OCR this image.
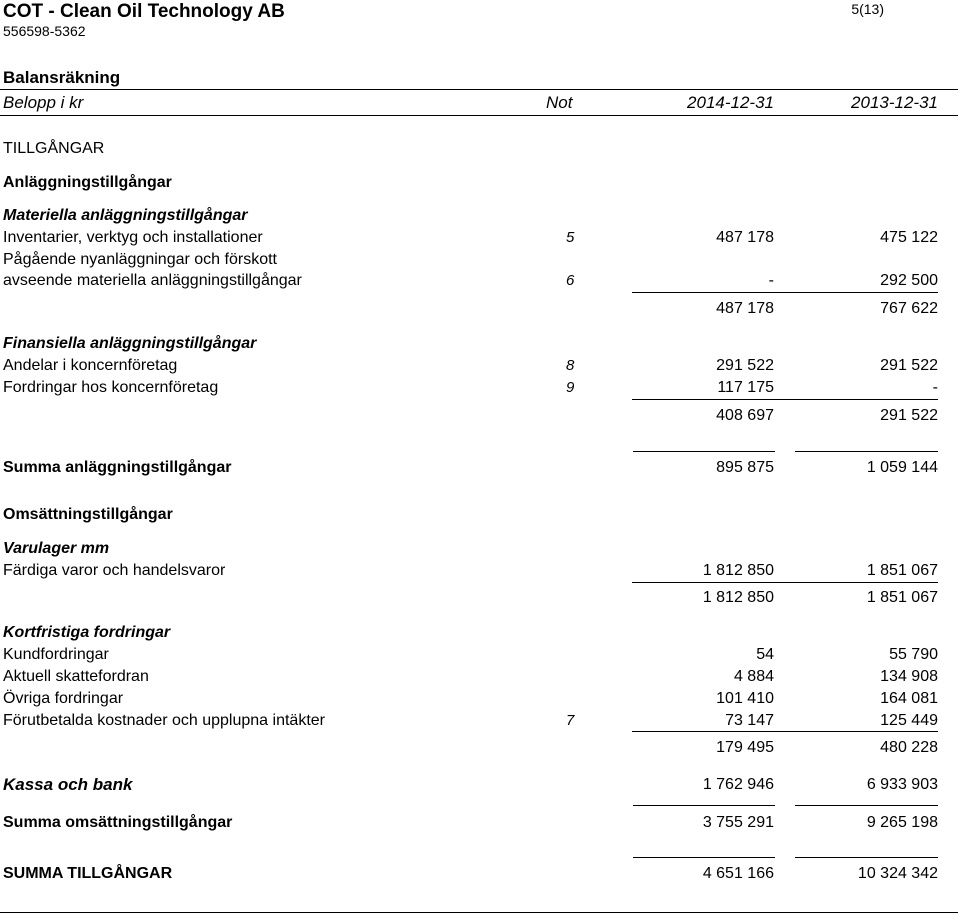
COT - Clean Oil Technology AB
556598-5362
5(13)
Balansräkning
Belopp i kr	Not	2014-12-31	2013-12-31
TILLGÅNGAR
Anläggningstillgångar
Materiella anläggningstillgångar
Inventarier, verktyg och installationer	5	487 178	475 122
Pågående nyanläggningar och förskott
avseende materiella anläggningstillgångar	6	-	292 500
487 178	767 622
Finansiella anläggningstillgångar
Andelar i koncernföretag	8	291 522	291 522
Fordringar hos koncernföretag	9	117 175	-
408 697	291 522
Summa anläggningstillgångar	895 875	1 059 144
Omsättningstillgångar
Varulager mm
Färdiga varor och handelsvaror	1 812 850	1 851 067
1 812 850	1 851 067
Kortfristiga fordringar
Kundfordringar	54	55 790
Aktuell skattefordran	4 884	134 908
Övriga fordringar	101 410	164 081
Förutbetalda kostnader och upplupna intäkter	7	73 147	125 449
179 495	480 228
Kassa och bank	1 762 946	6 933 903
Summa omsättningstillgångar	3 755 291	9 265 198
SUMMA TILLGÅNGAR	4 651 166	10 324 342
